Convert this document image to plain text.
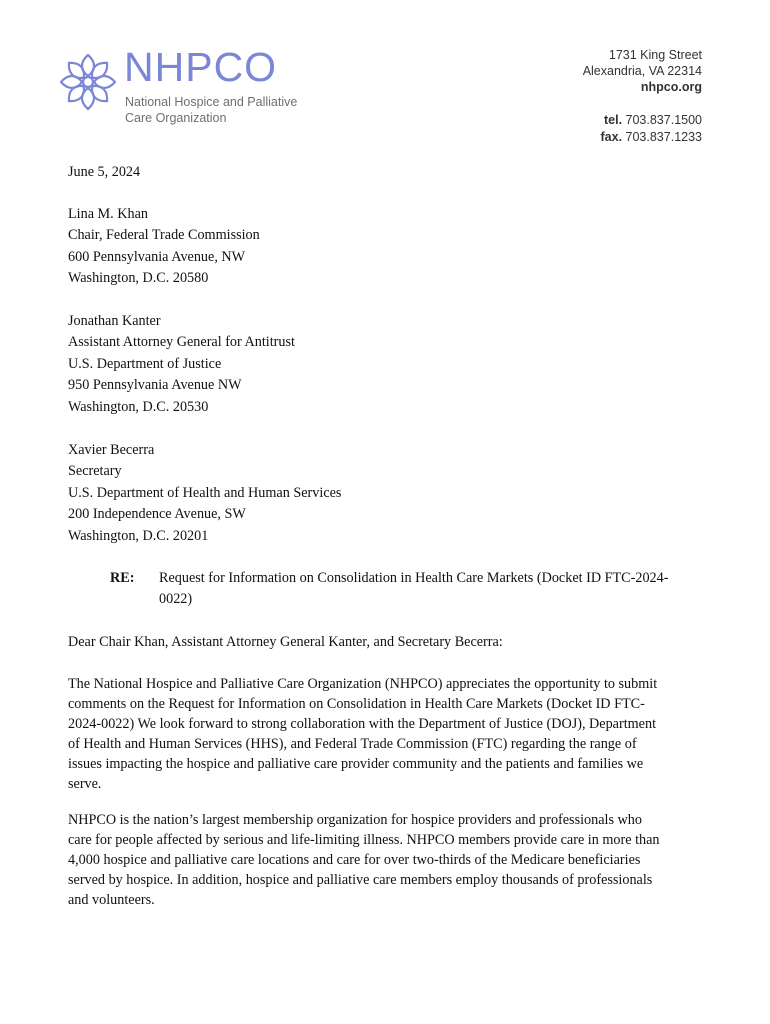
NHPCO
National Hospice and Palliative
Care Organization
1731 King Street
Alexandria, VA 22314
nhpco.org
tel. 703.837.1500
fax. 703.837.1233
June 5, 2024
Lina M. Khan
Chair, Federal Trade Commission
600 Pennsylvania Avenue, NW
Washington, D.C. 20580
Jonathan Kanter
Assistant Attorney General for Antitrust
U.S. Department of Justice
950 Pennsylvania Avenue NW
Washington, D.C. 20530
Xavier Becerra
Secretary
U.S. Department of Health and Human Services
200 Independence Avenue, SW
Washington, D.C. 20201
RE: Request for Information on Consolidation in Health Care Markets (Docket ID FTC-2024-
0022)
Dear Chair Khan, Assistant Attorney General Kanter, and Secretary Becerra:
The National Hospice and Palliative Care Organization (NHPCO) appreciates the opportunity to submit
comments on the Request for Information on Consolidation in Health Care Markets (Docket ID FTC-
2024-0022) We look forward to strong collaboration with the Department of Justice (DOJ), Department
of Health and Human Services (HHS), and Federal Trade Commission (FTC) regarding the range of
issues impacting the hospice and palliative care provider community and the patients and families we
serve.
NHPCO is the nation’s largest membership organization for hospice providers and professionals who
care for people affected by serious and life-limiting illness. NHPCO members provide care in more than
4,000 hospice and palliative care locations and care for over two-thirds of the Medicare beneficiaries
served by hospice. In addition, hospice and palliative care members employ thousands of professionals
and volunteers.
